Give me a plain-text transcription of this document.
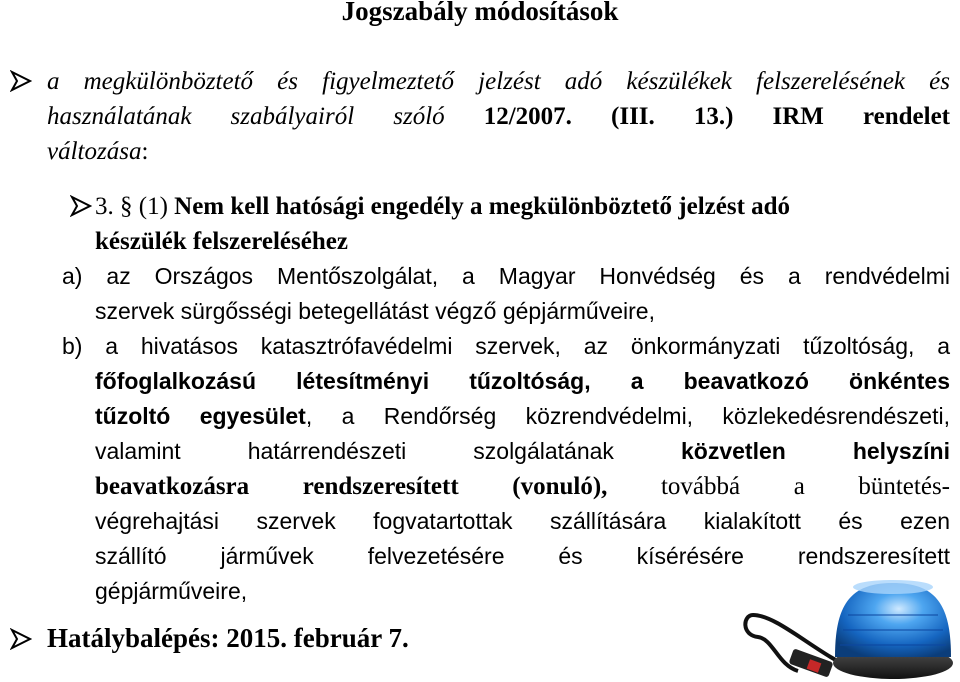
Jogszabály módosítások
a megkülönböztető és figyelmeztető jelzést adó készülékek felszerelésének és
használatának szabályairól szóló 12/2007. (III. 13.) IRM rendelet
változása:
3. § (1) Nem kell hatósági engedély a megkülönböztető jelzést adó
készülék felszereléséhez
a) az Országos Mentőszolgálat, a Magyar Honvédség és a rendvédelmi
szervek sürgősségi betegellátást végző gépjárműveire,
b) a hivatásos katasztrófavédelmi szervek, az önkormányzati tűzoltóság, a
főfoglalkozású létesítményi tűzoltóság, a beavatkozó önkéntes
tűzoltó egyesület, a Rendőrség közrendvédelmi, közlekedésrendészeti,
valamint határrendészeti szolgálatának	közvetlen helyszíni
beavatkozásra rendszeresített (vonuló), továbbá a büntetés-
végrehajtási szervek fogvatartottak szállítására kialakított és ezen
szállító járművek felvezetésére és kísérésére rendszeresített
gépjárműveire,

Hatálybalépés: 2015. február 7.
